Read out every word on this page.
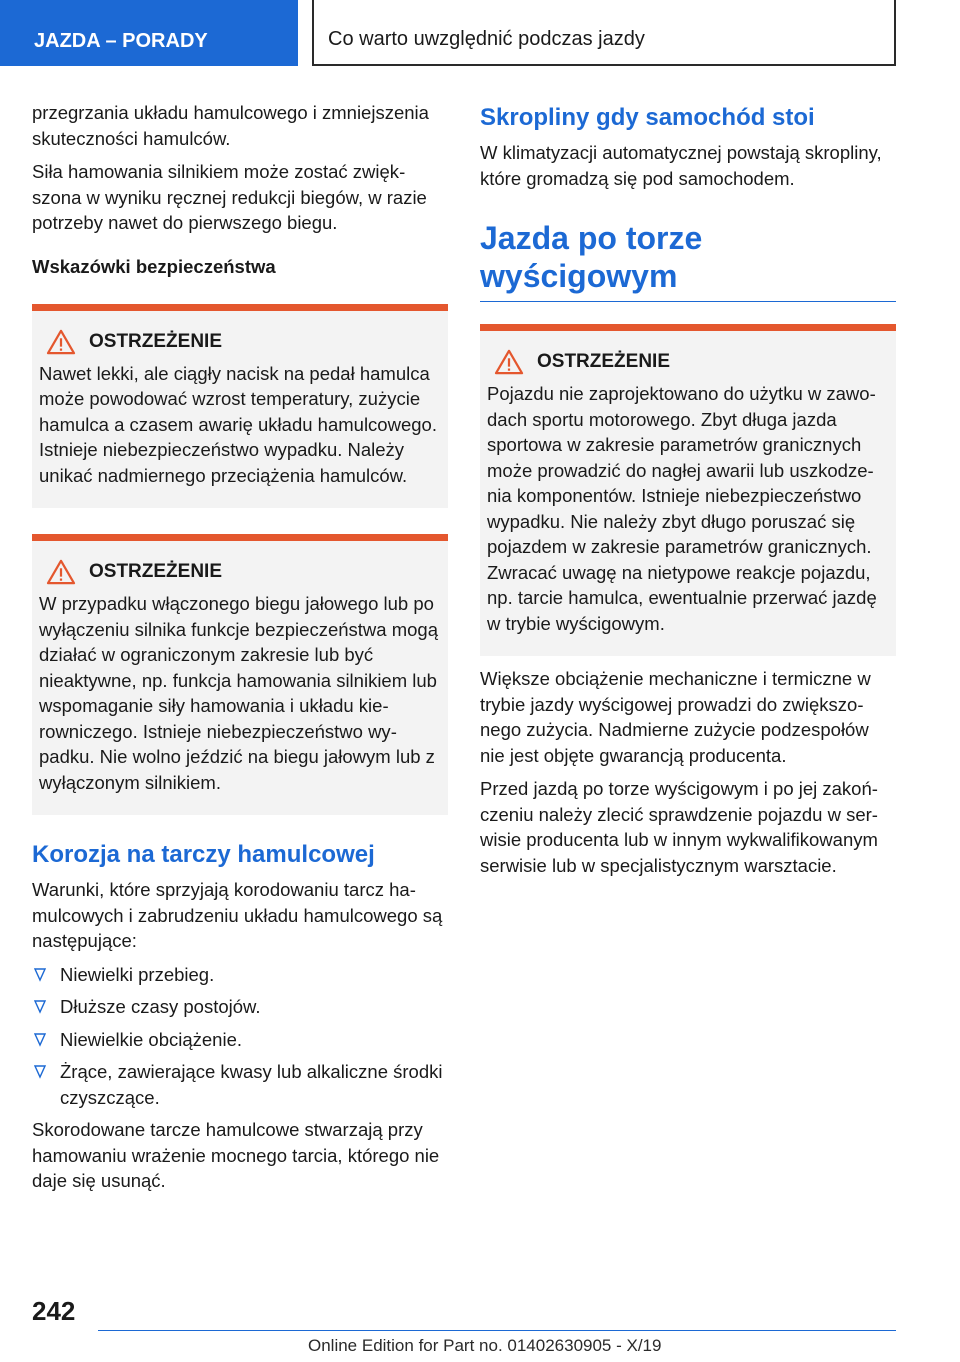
JAZDA – PORADY	Co warto uwzględnić podczas jazdy

przegrzania układu hamulcowego i zmniejszenia skuteczności hamulców.

Siła hamowania silnikiem może zostać zwiększona w wyniku ręcznej redukcji biegów, w razie potrzeby nawet do pierwszego biegu.

Wskazówki bezpieczeństwa

OSTRZEŻENIE

Nawet lekki, ale ciągły nacisk na pedał hamulca może powodować wzrost temperatury, zużycie hamulca a czasem awarię układu hamulcowego. Istnieje niebezpieczeństwo wypadku. Należy unikać nadmiernego przeciążenia hamulców.

OSTRZEŻENIE

W przypadku włączonego biegu jałowego lub po wyłączeniu silnika funkcje bezpieczeństwa mogą działać w ograniczonym zakresie lub być nieaktywne, np. funkcja hamowania silnikiem lub wspomaganie siły hamowania i układu kierowniczego. Istnieje niebezpieczeństwo wypadku. Nie wolno jeździć na biegu jałowym lub z wyłączonym silnikiem.

Korozja na tarczy hamulcowej

Warunki, które sprzyjają korodowaniu tarcz hamulcowych i zabrudzeniu układu hamulcowego są następujące:

Niewielki przebieg.
Dłuższe czasy postojów.
Niewielkie obciążenie.
Żrące, zawierające kwasy lub alkaliczne środki czyszczące.

Skorodowane tarcze hamulcowe stwarzają przy hamowaniu wrażenie mocnego tarcia, którego nie daje się usunąć.

Skropliny gdy samochód stoi

W klimatyzacji automatycznej powstają skropliny, które gromadzą się pod samochodem.

Jazda po torze wyścigowym
OSTRZEŻENIE

Pojazdu nie zaprojektowano do użytku w zawodach sportu motorowego. Zbyt długa jazda sportowa w zakresie parametrów granicznych może prowadzić do nagłej awarii lub uszkodzenia komponentów. Istnieje niebezpieczeństwo wypadku. Nie należy zbyt długo poruszać się pojazdem w zakresie parametrów granicznych. Zwracać uwagę na nietypowe reakcje pojazdu, np. tarcie hamulca, ewentualnie przerwać jazdę w trybie wyścigowym.

Większe obciążenie mechaniczne i termiczne w trybie jazdy wyścigowej prowadzi do zwiększonego zużycia. Nadmierne zużycie podzespołów nie jest objęte gwarancją producenta.

Przed jazdą po torze wyścigowym i po jej zakończeniu należy zlecić sprawdzenie pojazdu w serwisie producenta lub w innym wykwalifikowanym serwisie lub w specjalistycznym warsztacie.

242
Online Edition for Part no. 01402630905 - X/19
